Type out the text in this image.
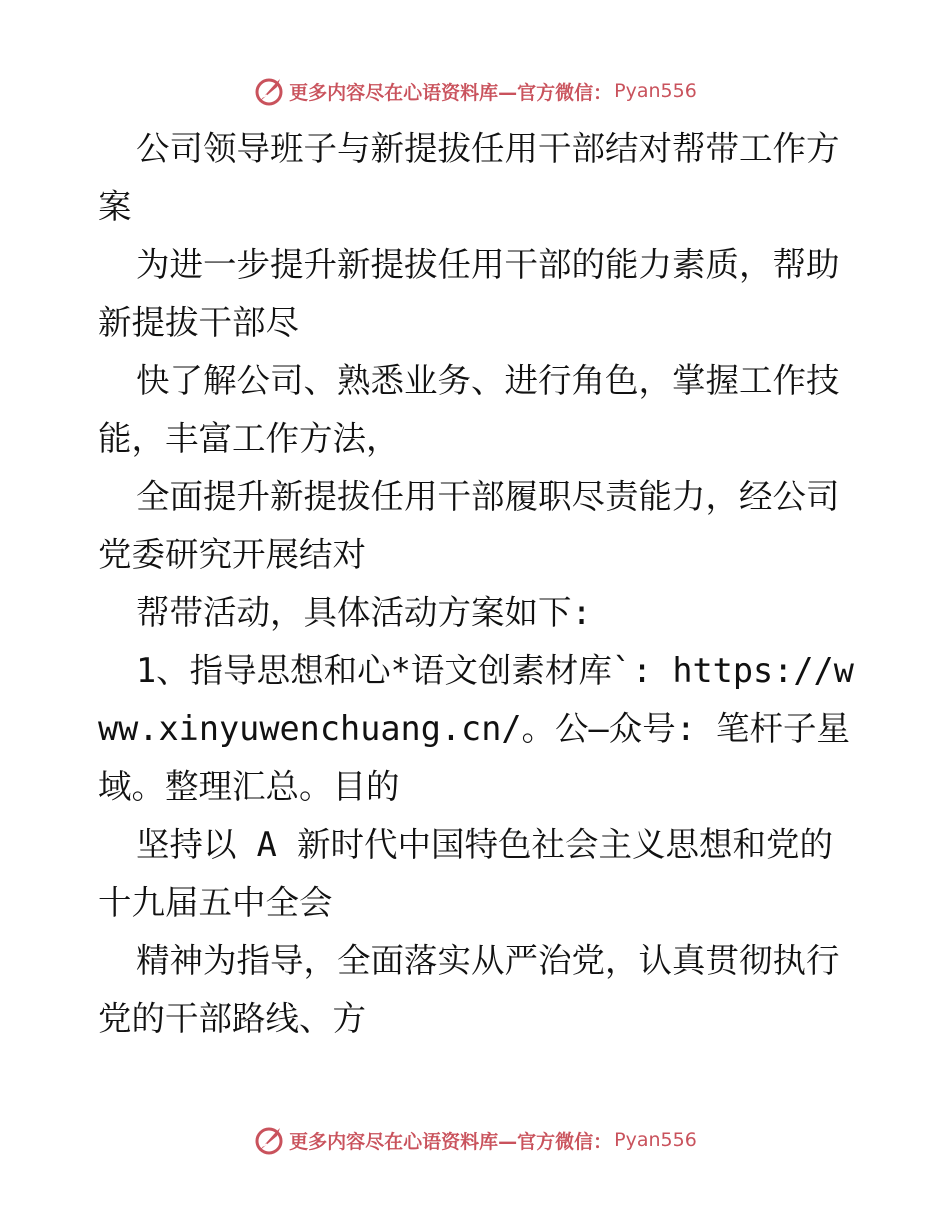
更多内容尽在心语资料库—官方微信： Pyan556

公司领导班子与新提拔任用干部结对帮带工作方案

为进一步提升新提拔任用干部的能力素质，帮助新提拔干部尽

快了解公司、熟悉业务、进行角色，掌握工作技能，丰富工作方法，

全面提升新提拔任用干部履职尽责能力，经公司党委研究开展结对

帮带活动，具体活动方案如下:

1、指导思想和心*语文创素材库`: https://www.xinyuwenchuang.cn/。公—众号: 笔杆子星域。整理汇总。目的

坚持以 A 新时代中国特色社会主义思想和党的十九届五中全会

精神为指导，全面落实从严治党，认真贯彻执行党的干部路线、方

更多内容尽在心语资料库—官方微信： Pyan556
